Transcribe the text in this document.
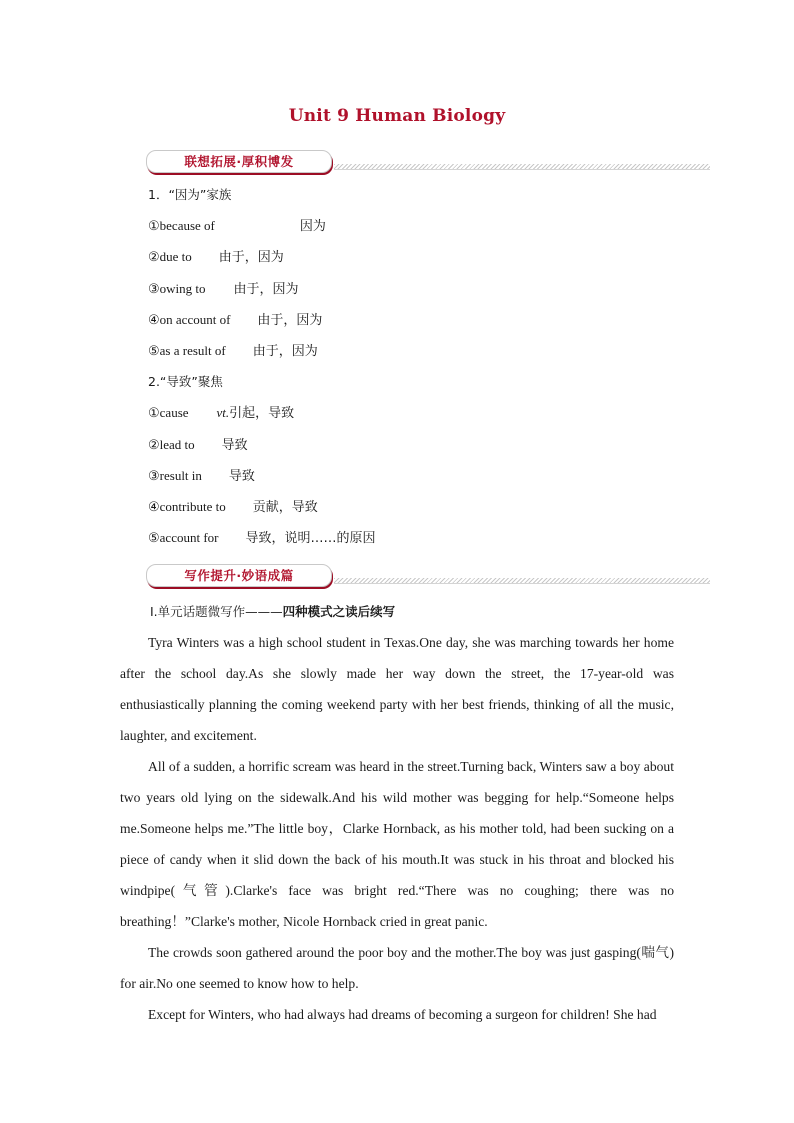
Unit 9 Human Biology
联想拓展·厚积博发
1．“因为”家族
①because of	因为
②due to 由于，因为
③owing to 由于，因为
④on account of 由于，因为
⑤as a result of 由于，因为
2.“导致”聚焦
①cause vt.引起，导致
②lead to 导致
③result in 导致
④contribute to 贡献，导致
⑤account for 导致，说明……的原因
写作提升·妙语成篇
Ⅰ.单元话题微写作———四种模式之读后续写

Tyra Winters was a high school student in Texas.One day, she was marching towards her home after the school day.As she slowly made her way down the street, the 17-year-old was enthusiastically planning the coming weekend party with her best friends, thinking of all the music, laughter, and excitement.

All of a sudden, a horrific scream was heard in the street.Turning back, Winters saw a boy about two years old lying on the sidewalk.And his wild mother was begging for help.“Someone helps me.Someone helps me.”The little boy，Clarke Hornback, as his mother told, had been sucking on a piece of candy when it slid down the back of his mouth.It was stuck in his throat and blocked his windpipe(气管).Clarke's face was bright red.“There was no coughing; there was no breathing！”Clarke's mother, Nicole Hornback cried in great panic.

The crowds soon gathered around the poor boy and the mother.The boy was just gasping(喘气) for air.No one seemed to know how to help.

Except for Winters, who had always had dreams of becoming a surgeon for children! She had
